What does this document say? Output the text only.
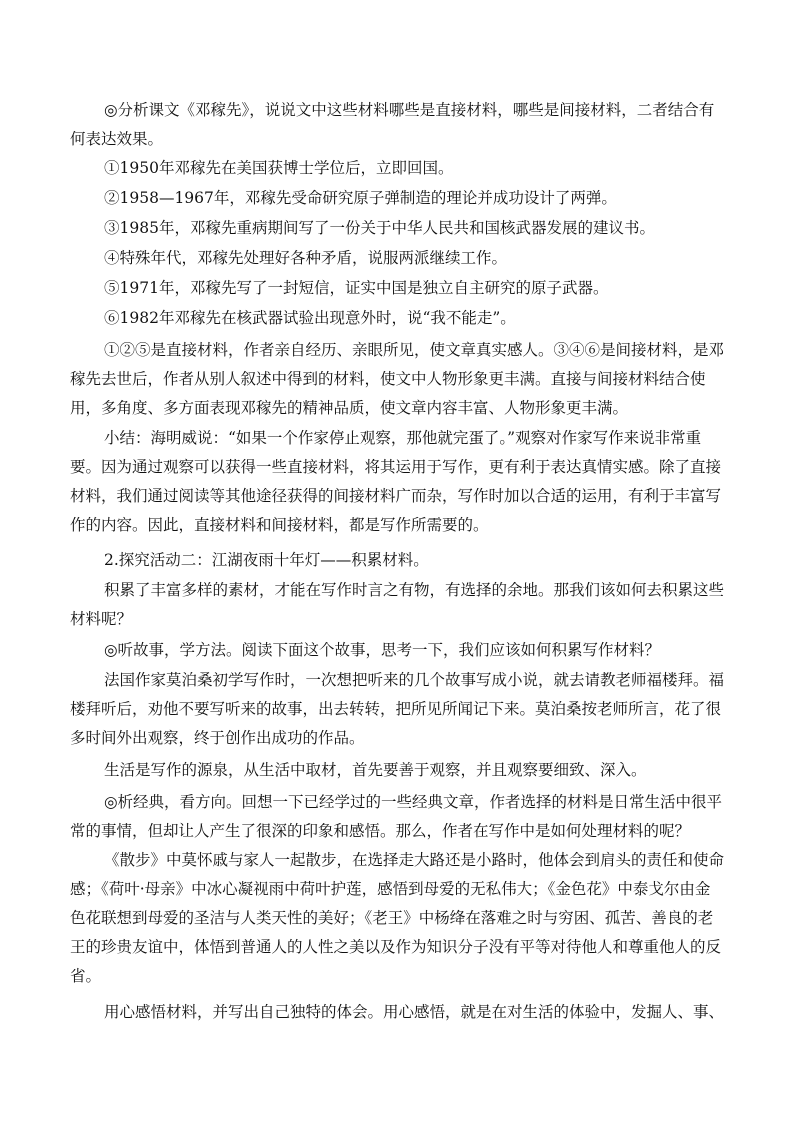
◎分析课文《邓稼先》，说说文中这些材料哪些是直接材料，哪些是间接材料，二者结合有何表达效果。

①1950年邓稼先在美国获博士学位后，立即回国。

②1958—1967年，邓稼先受命研究原子弹制造的理论并成功设计了两弹。

③1985年，邓稼先重病期间写了一份关于中华人民共和国核武器发展的建议书。

④特殊年代，邓稼先处理好各种矛盾，说服两派继续工作。

⑤1971年，邓稼先写了一封短信，证实中国是独立自主研究的原子武器。

⑥1982年邓稼先在核武器试验出现意外时，说“我不能走”。

①②⑤是直接材料，作者亲自经历、亲眼所见，使文章真实感人。③④⑥是间接材料，是邓稼先去世后，作者从别人叙述中得到的材料，使文中人物形象更丰满。直接与间接材料结合使用，多角度、多方面表现邓稼先的精神品质，使文章内容丰富、人物形象更丰满。

小结：海明威说：“如果一个作家停止观察，那他就完蛋了。”观察对作家写作来说非常重要。因为通过观察可以获得一些直接材料，将其运用于写作，更有利于表达真情实感。除了直接材料，我们通过阅读等其他途径获得的间接材料广而杂，写作时加以合适的运用，有利于丰富写作的内容。因此，直接材料和间接材料，都是写作所需要的。

2.探究活动二：江湖夜雨十年灯——积累材料。

积累了丰富多样的素材，才能在写作时言之有物，有选择的余地。那我们该如何去积累这些材料呢？

◎听故事，学方法。阅读下面这个故事，思考一下，我们应该如何积累写作材料？

法国作家莫泊桑初学写作时，一次想把听来的几个故事写成小说，就去请教老师福楼拜。福楼拜听后，劝他不要写听来的故事，出去转转，把所见所闻记下来。莫泊桑按老师所言，花了很多时间外出观察，终于创作出成功的作品。

生活是写作的源泉，从生活中取材，首先要善于观察，并且观察要细致、深入。

◎析经典，看方向。回想一下已经学过的一些经典文章，作者选择的材料是日常生活中很平常的事情，但却让人产生了很深的印象和感悟。那么，作者在写作中是如何处理材料的呢？

《散步》中莫怀戚与家人一起散步，在选择走大路还是小路时，他体会到肩头的责任和使命感；《荷叶·母亲》中冰心凝视雨中荷叶护莲，感悟到母爱的无私伟大；《金色花》中泰戈尔由金色花联想到母爱的圣洁与人类天性的美好；《老王》中杨绛在落难之时与穷困、孤苦、善良的老王的珍贵友谊中，体悟到普通人的人性之美以及作为知识分子没有平等对待他人和尊重他人的反省。

用心感悟材料，并写出自己独特的体会。用心感悟，就是在对生活的体验中，发掘人、事、
